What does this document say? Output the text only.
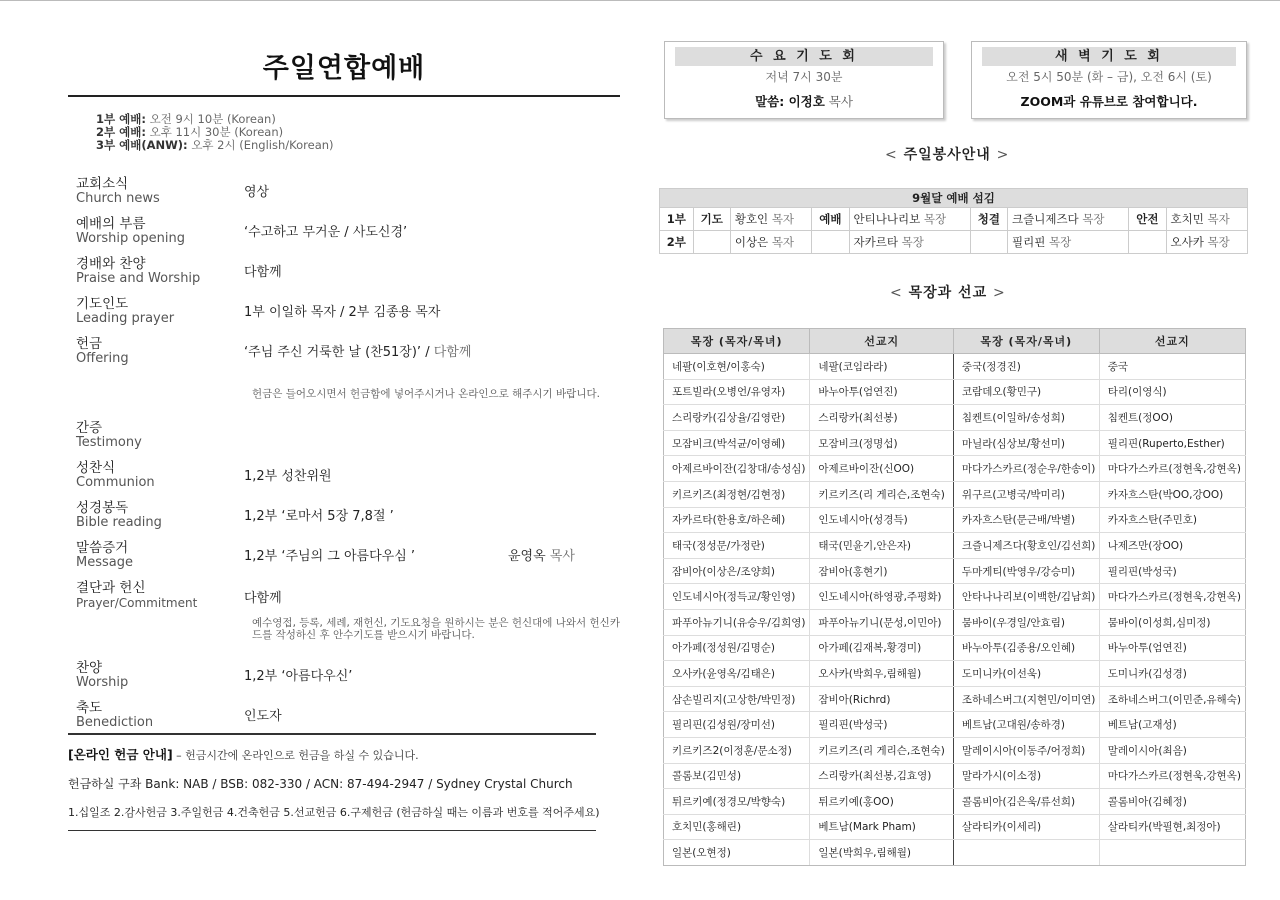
주일연합예배
1부 예배: 오전 9시 10분 (Korean)
2부 예배: 오후 11시 30분 (Korean)
3부 예배(ANW): 오후 2시 (English/Korean)
교회소식
Church news	영상
예배의 부름
Worship opening	‘수고하고 무거운 / 사도신경’
경배와 찬양
Praise and Worship	다함께
기도인도
Leading prayer	1부 이일하 목자 / 2부 김종용 목자
헌금
Offering	‘주님 주신 거룩한 날 (찬51장)’ / 다함께
헌금은 들어오시면서 헌금함에 넣어주시거나 온라인으로 해주시기 바랍니다.
간증
Testimony
성찬식
Communion	1,2부 성찬위원
성경봉독
Bible reading	1,2부 ‘로마서 5장 7,8절 ’
말씀증거
Message	1,2부 ‘주님의 그 아름다우심 ’	윤영옥 목사
결단과 헌신
Prayer/Commitment	다함께
예수영접, 등록, 세례, 재헌신, 기도요청을 원하시는 분은 헌신대에 나와서 헌신카드를 작성하신 후 안수기도를 받으시기 바랍니다.
찬양
Worship	1,2부 ‘아름다우신’
축도
Benediction	인도자
[온라인 헌금 안내] – 헌금시간에 온라인으로 헌금을 하실 수 있습니다.
헌금하실 구좌 Bank: NAB / BSB: 082-330 / ACN: 87-494-2947 / Sydney Crystal Church
1.십일조 2.감사헌금 3.주일헌금 4.건축헌금 5.선교헌금 6.구제헌금 (헌금하실 때는 이름과 번호를 적어주세요)
수 요 기 도 회
저녁 7시 30분
말씀: 이정호 목사
새 벽 기 도 회
오전 5시 50분 (화 – 금), 오전 6시 (토)
ZOOM과 유튜브로 참여합니다.
< 주일봉사안내 >
9월달 예배 섬김								
1부	기도	황호인 목자	예배	안티나나리보 목장	청결	크즐니제즈다 목장	안전	호치민 목자
2부		이상은 목자		자카르타 목장		필리핀 목장		오사카 목장
< 목장과 선교 >
목장 (목자/목녀)	선교지	목장 (목자/목녀)	선교지
네팔(이호현/이홍숙)	네팔(코임라라)	중국(정경진)	중국
포트빌라(오병언/유영자)	바누아투(엄연진)	코람데오(황민구)	타리(이영식)
스리랑카(김상율/김영란)	스리랑카(최선봉)	침켄트(이일하/송성희)	침켄트(정OO)
모잠비크(박석균/이영혜)	모잠비크(정명섭)	마닐라(심상보/황선미)	필리핀(Ruperto,Esther)
아제르바이잔(김창대/송성심)	아제르바이잔(신OO)	마다가스카르(정순우/한송이)	마다가스카르(정현욱,강현옥)
키르키즈(최정현/김현정)	키르키즈(리 게리슨,조현숙)	위구르(고병국/박미리)	카자흐스탄(박OO,강OO)
자카르타(한용호/하은혜)	인도네시아(성경득)	카자흐스탄(문근배/박별)	카자흐스탄(주민호)
태국(정성문/가정란)	태국(민윤기,안은자)	크즐니제즈다(황호인/김선희)	나제즈만(장OO)
잠비아(이상은/조양희)	잠비아(홍현기)	두마게티(박영우/강승미)	필리핀(박성국)
인도네시아(정득교/황인영)	인도네시아(하영광,주평화)	안타나나리보(이백한/김남희)	마다가스카르(정현욱,강현옥)
파푸아뉴기니(유승우/김희영)	파푸아뉴기니(문성,이민아)	뭄바이(우경일/안효림)	뭄바이(이성희,심미정)
아가페(정성원/김명순)	아가페(김재복,황경미)	바누아투(김종용/오인혜)	바누아투(엄연진)
오사카(윤영옥/김태은)	오사카(박희우,림해월)	도미니카(이선욱)	도미니카(김성경)
삼손빌리지(고상한/박민정)	잠비아(Richrd)	조하네스버그(지현민/이미연)	조하네스버그(이민준,유해숙)
필리핀(김성원/장미선)	필리핀(박성국)	베트남(고대원/송하경)	베트남(고재성)
키르키즈2(이정훈/문소정)	키르키즈(리 게리슨,조현숙)	말레이시아(이동주/어정희)	말레이시아(최음)
콜롬보(김민성)	스리랑카(최선봉,김효영)	말라가시(이소정)	마다가스카르(정현욱,강현옥)
튀르키예(정경모/박향숙)	튀르키예(홍OO)	콜롬비아(김은욱/류선희)	콜롬비아(김혜정)
호치민(홍해린)	베트남(Mark Pham)	살라티카(이세리)	살라티카(박필현,최정아)
일본(오현정)	일본(박희우,림해월)		
